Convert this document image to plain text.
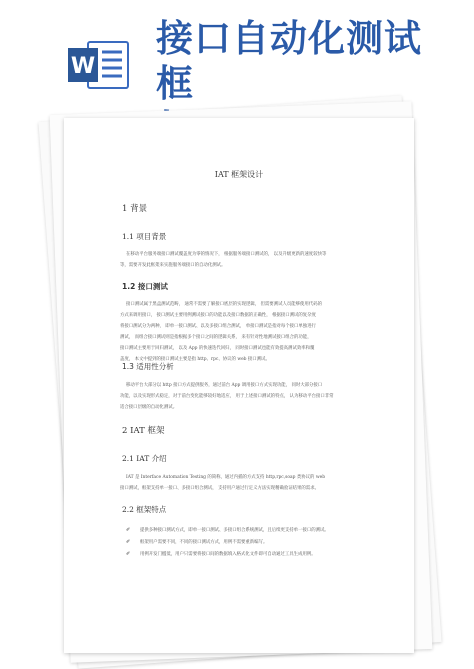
W
接口自动化测试框
IAT 框架设计
1 背景
1.1 项目背景
在移动平台服务端接口测试覆盖度为零的情况下， 根据服务端接口测试的， 以及升级更新的速度较快等
等，需要开发此框架来实施服务端接口的自动化测试。
1.2 接口测试
接口测试属于黑盒测试范畴， 通常不需要了解接口底层的实现逻辑， 但需要测试人员能够使用代码的
方式来调用接口， 接口测试主要用例测试接口的功能以及接口数据的正确性， 根据接口测试的复杂度
将接口测试分为两种， 即单一接口测试、以及多接口组合测试， 单接口测试是指对每个接口单独进行
测试， 而组合接口测试则是指根据多个接口之间的逻辑关系， 来有针对性地测试接口组合的功能，
接口测试主要用于回归测试， 以及 App 的快速迭代回归， 同时接口测试也能有效提高测试效率和覆
盖度， 本文中提到的接口测试主要是指 http、rpc、协议的 web 接口测试。
1.3 适用性分析
移动平台大部分以 http 接口方式提供服务，通过前台 App 调用接口方式实现功能， 同时大部分接口
功能，以及实现形式稳定，对于前台变化能够较好地适应， 用于上述接口测试的特点， 认为移动平台接口非常
适合接口层级的自动化测试。
2 IAT 框架
2.1 IAT 介绍
IAT 是 Interface Automation Testing 的简称，通过内插的方式支持 http,rpc,soap 类协议的 web
接口测试，框架支持单一接口、多接口组合测试， 支持用户通过行定义方法实现精确验证结果的需求。
2.2 框架特点
✐ 提供多种接口测试方式，即单一接口测试、多接口组合系统测试，且后续更支持单一接口的测试。
✐ 框架用户需要不同，不同的接口测试方式，用例不需要重新编写。
✐ 用例开发门槛低，用户只需要将接口间的数据填入格式化文件即可自动通过工具生成用例。
